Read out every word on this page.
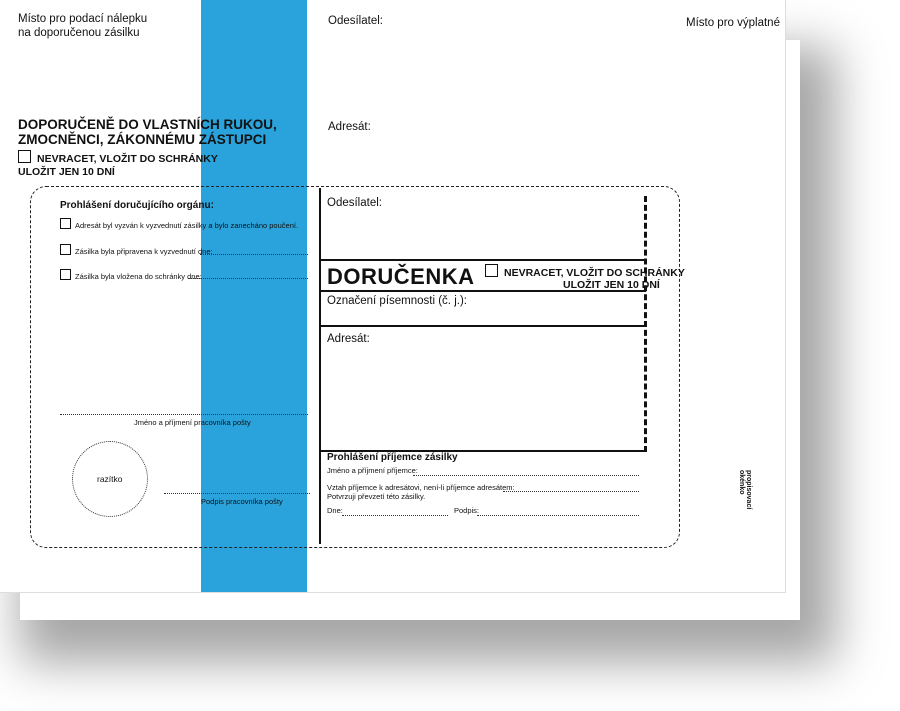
Místo pro podací nálepku
na doporučenou zásilku
Odesílatel:	Místo pro výplatné
Adresát:
DOPORUČENĚ DO VLASTNÍCH RUKOU,
ZMOCNĚNCI, ZÁKONNÉMU ZÁSTUPCI
NEVRACET, VLOŽIT DO SCHRÁNKY
ULOŽIT JEN 10 DNÍ
Prohlášení doručujícího orgánu:
Adresát byl vyzván k vyzvednutí zásilky a bylo zanecháno poučení.
Zásilka byla připravena k vyzvednutí dne:
Zásilka byla vložena do schránky dne:
Jméno a příjmení pracovníka pošty
razítko
Podpis pracovníka pošty
Odesílatel:
DORUČENKA	NEVRACET, VLOŽIT DO SCHRÁNKY
ULOŽIT JEN 10 DNÍ
Označení písemnosti (č. j.):
Adresát:
Prohlášení příjemce zásilky
Jméno a příjmení příjemce:
Vztah příjemce k adresátovi, není-li příjemce adresátem:
Potvrzuji převzetí této zásilky.
Dne:	Podpis:
propisovací okénko
